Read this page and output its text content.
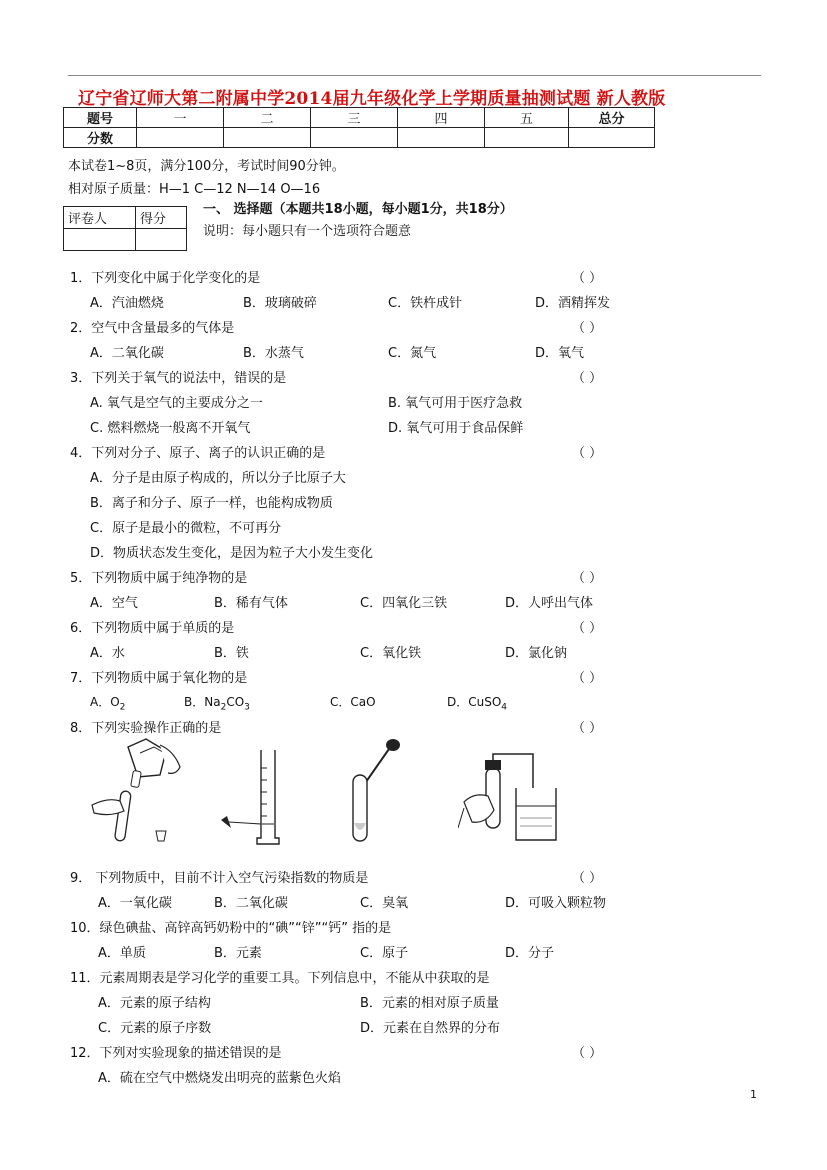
辽宁省辽师大第二附属中学2014届九年级化学上学期质量抽测试题 新人教版
题号	一	二	三	四	五	总分
分数						
本试卷1~8页，满分100分，考试时间90分钟。
相对原子质量：H—1 C—12 N—14 O—16
评卷人	得分

一、 选择题（本题共18小题，每小题1分，共18分）
说明：每小题只有一个选项符合题意
1．下列变化中属于化学变化的是	（ ）
A．汽油燃烧	B．玻璃破碎	C．铁杵成针	D．酒精挥发
2．空气中含量最多的气体是	（ ）
A．二氧化碳	B．水蒸气	C．氮气	D．氧气
3．下列关于氧气的说法中，错误的是	（ ）
A. 氧气是空气的主要成分之一	B. 氧气可用于医疗急救
C. 燃料燃烧一般离不开氧气	D. 氧气可用于食品保鲜
4．下列对分子、原子、离子的认识正确的是	（ ）
A．分子是由原子构成的，所以分子比原子大
B．离子和分子、原子一样，也能构成物质
C．原子是最小的微粒，不可再分
D．物质状态发生变化，是因为粒子大小发生变化
5．下列物质中属于纯净物的是	（ ）
A．空气	B．稀有气体	C．四氧化三铁	D．人呼出气体
6．下列物质中属于单质的是	（ ）
A．水	B．铁	C．氧化铁	D．氯化钠
7．下列物质中属于氧化物的是	（ ）
A．$O_2$	B．$Na_2CO_3$	C．CaO	D．CuSO$_4$
8．下列实验操作正确的是	（ ）
9． 下列物质中，目前不计入空气污染指数的物质是	（ ）
A．一氧化碳	B．二氧化碳	C．臭氧	D．可吸入颗粒物
10．绿色碘盐、高锌高钙奶粉中的“碘”“锌”“钙” 指的是
A．单质	B．元素	C．原子	D．分子
11．元素周期表是学习化学的重要工具。下列信息中，不能从中获取的是
A．元素的原子结构	B．元素的相对原子质量
C．元素的原子序数	D．元素在自然界的分布
12．下列对实验现象的描述错误的是	（ ）
A．硫在空气中燃烧发出明亮的蓝紫色火焰
1
